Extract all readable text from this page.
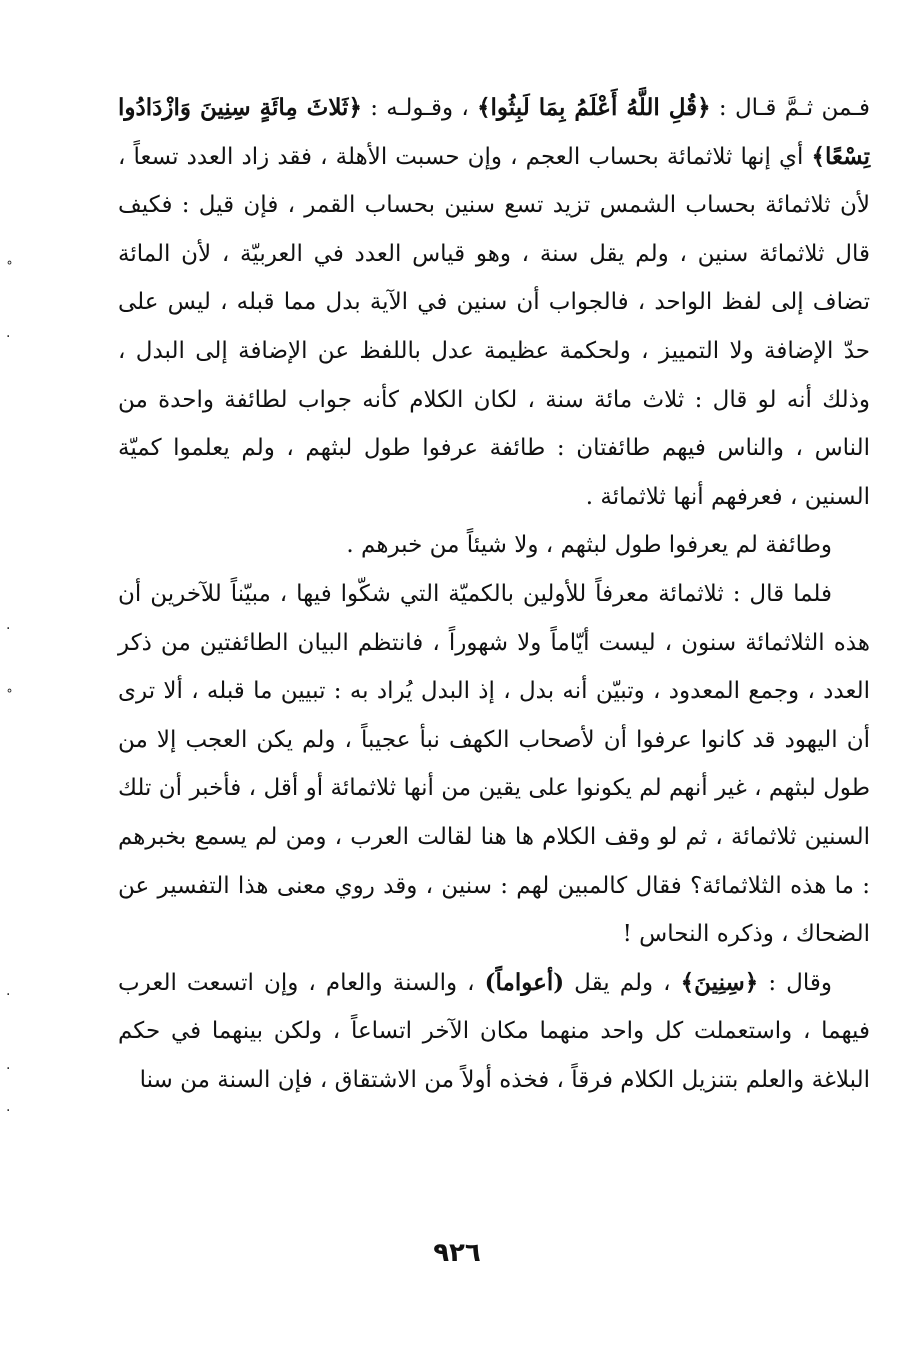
فـمن ثـمَّ قـال : ﴿قُلِ اللَّهُ أَعْلَمُ بِمَا لَبِثُوا﴾ ، وقـولـه : ﴿ثَلاثَ مِائَةٍ سِنِينَ وَازْدَادُوا تِسْعًا﴾ أي إنها ثلاثمائة بحساب العجم ، وإن حسبت الأهلة ، فقد زاد العدد تسعاً ، لأن ثلاثمائة بحساب الشمس تزيد تسع سنين بحساب القمر ، فإن قيل : فكيف قال ثلاثمائة سنين ، ولم يقل سنة ، وهو قياس العدد في العربيّة ، لأن المائة تضاف إلى لفظ الواحد ، فالجواب أن سنين في الآية بدل مما قبله ، ليس على حدّ الإضافة ولا التمييز ، ولحكمة عظيمة عدل باللفظ عن الإضافة إلى البدل ، وذلك أنه لو قال : ثلاث مائة سنة ، لكان الكلام كأنه جواب لطائفة واحدة من الناس ، والناس فيهم طائفتان : طائفة عرفوا طول لبثهم ، ولم يعلموا كميّة السنين ، فعرفهم أنها ثلاثمائة .

وطائفة لم يعرفوا طول لبثهم ، ولا شيئاً من خبرهم .

فلما قال : ثلاثمائة معرفاً للأولين بالكميّة التي شكّوا فيها ، مبيّناً للآخرين أن هذه الثلاثمائة سنون ، ليست أيّاماً ولا شهوراً ، فانتظم البيان الطائفتين من ذكر العدد ، وجمع المعدود ، وتبيّن أنه بدل ، إذ البدل يُراد به : تبيين ما قبله ، ألا ترى أن اليهود قد كانوا عرفوا أن لأصحاب الكهف نبأ عجيباً ، ولم يكن العجب إلا من طول لبثهم ، غير أنهم لم يكونوا على يقين من أنها ثلاثمائة أو أقل ، فأخبر أن تلك السنين ثلاثمائة ، ثم لو وقف الكلام ها هنا لقالت العرب ، ومن لم يسمع بخبرهم : ما هذه الثلاثمائة؟ فقال كالمبين لهم : سنين ، وقد روي معنى هذا التفسير عن الضحاك ، وذكره النحاس !

وقال : ﴿سِنِينَ﴾ ، ولم يقل (أعواماً) ، والسنة والعام ، وإن اتسعت العرب فيهما ، واستعملت كل واحد منهما مكان الآخر اتساعاً ، ولكن بينهما في حكم البلاغة والعلم بتنزيل الكلام فرقاً ، فخذه أولاً من الاشتقاق ، فإن السنة من سنا

٩٢٦
˚
·
·
˚
·
·
·
